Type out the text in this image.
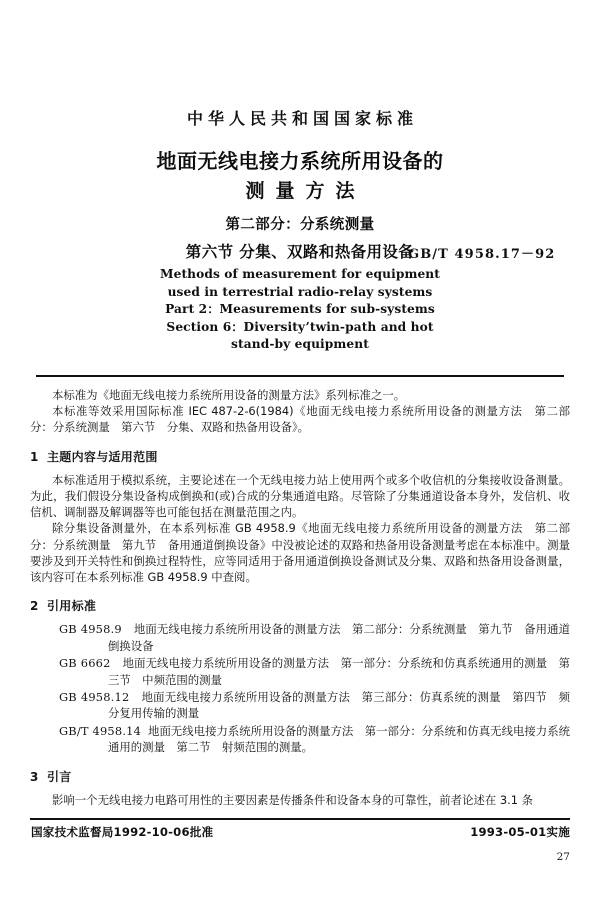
中华人民共和国国家标准
地面无线电接力系统所用设备的
测量方法
第二部分：分系统测量
第六节 分集、双路和热备用设备
GB/T 4958.17－92
Methods of measurement for equipment
used in terrestrial radio-relay systems
Part 2：Measurements for sub-systems
Section 6：Diversity’twin-path and hot
stand-by equipment

本标准为《地面无线电接力系统所用设备的测量方法》系列标准之一。

本标准等效采用国际标准 IEC 487-2-6(1984)《地面无线电接力系统所用设备的测量方法　第二部分：分系统测量　第六节　分集、双路和热备用设备》。

1 主题内容与适用范围

本标准适用于模拟系统，主要论述在一个无线电接力站上使用两个或多个收信机的分集接收设备测量。为此，我们假设分集设备构成倒换和(或)合成的分集通道电路。尽管除了分集通道设备本身外，发信机、收信机、调制器及解调器等也可能包括在测量范围之内。

除分集设备测量外，在本系列标准 GB 4958.9《地面无线电接力系统所用设备的测量方法　第二部分：分系统测量　第九节　备用通道倒换设备》中没被论述的双路和热备用设备测量考虑在本标准中。测量要涉及到开关特性和倒换过程特性，应等同适用于备用通道倒换设备测试及分集、双路和热备用设备测量，该内容可在本系列标准 GB 4958.9 中查阅。

2 引用标准
GB 4958.9 地面无线电接力系统所用设备的测量方法　第二部分：分系统测量　第九节　备用通道倒换设备
GB 6662 地面无线电接力系统所用设备的测量方法　第一部分：分系统和仿真系统通用的测量　第三节　中频范围的测量
GB 4958.12 地面无线电接力系统所用设备的测量方法　第三部分：仿真系统的测量　第四节　频分复用传输的测量
GB/T 4958.14 地面无线电接力系统所用设备的测量方法　第一部分：分系统和仿真无线电接力系统通用的测量　第二节　射频范围的测量。
3 引言

影响一个无线电接力电路可用性的主要因素是传播条件和设备本身的可靠性，前者论述在 3.1 条

国家技术监督局1992-10-06批准	1993-05-01实施
27
